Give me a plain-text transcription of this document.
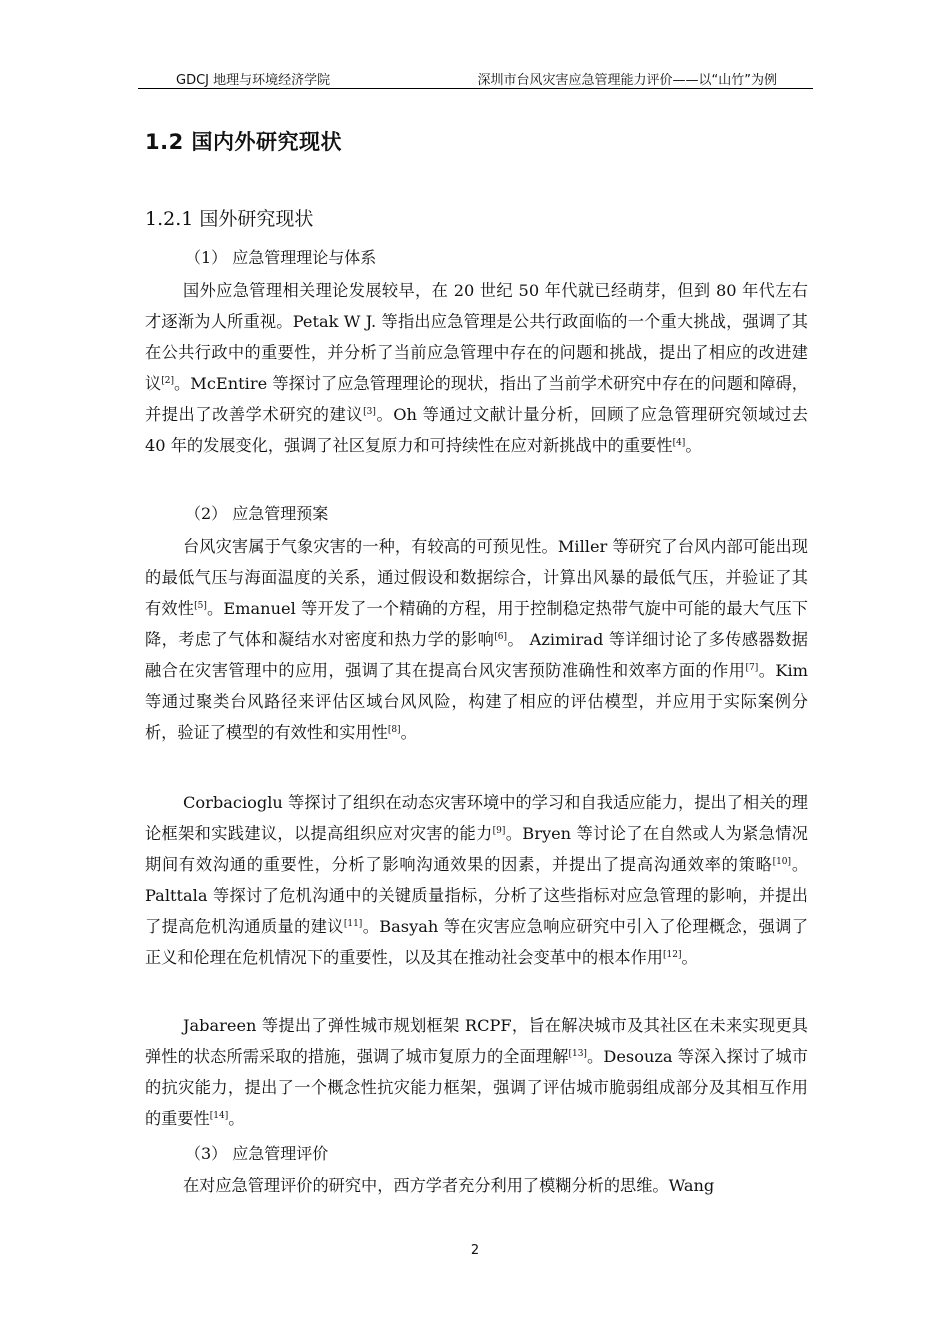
GDCJ 地理与环境经济学院	深圳市台风灾害应急管理能力评价——以“山竹”为例
1.2 国内外研究现状
1.2.1 国外研究现状
（1） 应急管理理论与体系

国外应急管理相关理论发展较早，在 20 世纪 50 年代就已经萌芽，但到 80 年代左右才逐渐为人所重视。Petak W J. 等指出应急管理是公共行政面临的一个重大挑战，强调了其在公共行政中的重要性，并分析了当前应急管理中存在的问题和挑战，提出了相应的改进建议[2]。McEntire 等探讨了应急管理理论的现状，指出了当前学术研究中存在的问题和障碍，并提出了改善学术研究的建议[3]。Oh 等通过文献计量分析，回顾了应急管理研究领域过去 40 年的发展变化，强调了社区复原力和可持续性在应对新挑战中的重要性[4]。

（2） 应急管理预案

台风灾害属于气象灾害的一种，有较高的可预见性。Miller 等研究了台风内部可能出现的最低气压与海面温度的关系，通过假设和数据综合，计算出风暴的最低气压，并验证了其有效性[5]。Emanuel 等开发了一个精确的方程，用于控制稳定热带气旋中可能的最大气压下降，考虑了气体和凝结水对密度和热力学的影响[6]。 Azimirad 等详细讨论了多传感器数据融合在灾害管理中的应用，强调了其在提高台风灾害预防准确性和效率方面的作用[7]。Kim 等通过聚类台风路径来评估区域台风风险，构建了相应的评估模型，并应用于实际案例分析，验证了模型的有效性和实用性[8]。

Corbacioglu 等探讨了组织在动态灾害环境中的学习和自我适应能力，提出了相关的理论框架和实践建议，以提高组织应对灾害的能力[9]。Bryen 等讨论了在自然或人为紧急情况期间有效沟通的重要性，分析了影响沟通效果的因素，并提出了提高沟通效率的策略[10]。Palttala 等探讨了危机沟通中的关键质量指标，分析了这些指标对应急管理的影响，并提出了提高危机沟通质量的建议[11]。Basyah 等在灾害应急响应研究中引入了伦理概念，强调了正义和伦理在危机情况下的重要性，以及其在推动社会变革中的根本作用[12]。

Jabareen 等提出了弹性城市规划框架 RCPF，旨在解决城市及其社区在未来实现更具弹性的状态所需采取的措施，强调了城市复原力的全面理解[13]。Desouza 等深入探讨了城市的抗灾能力，提出了一个概念性抗灾能力框架，强调了评估城市脆弱组成部分及其相互作用的重要性[14]。

（3） 应急管理评价

在对应急管理评价的研究中，西方学者充分利用了模糊分析的思维。Wang

2
